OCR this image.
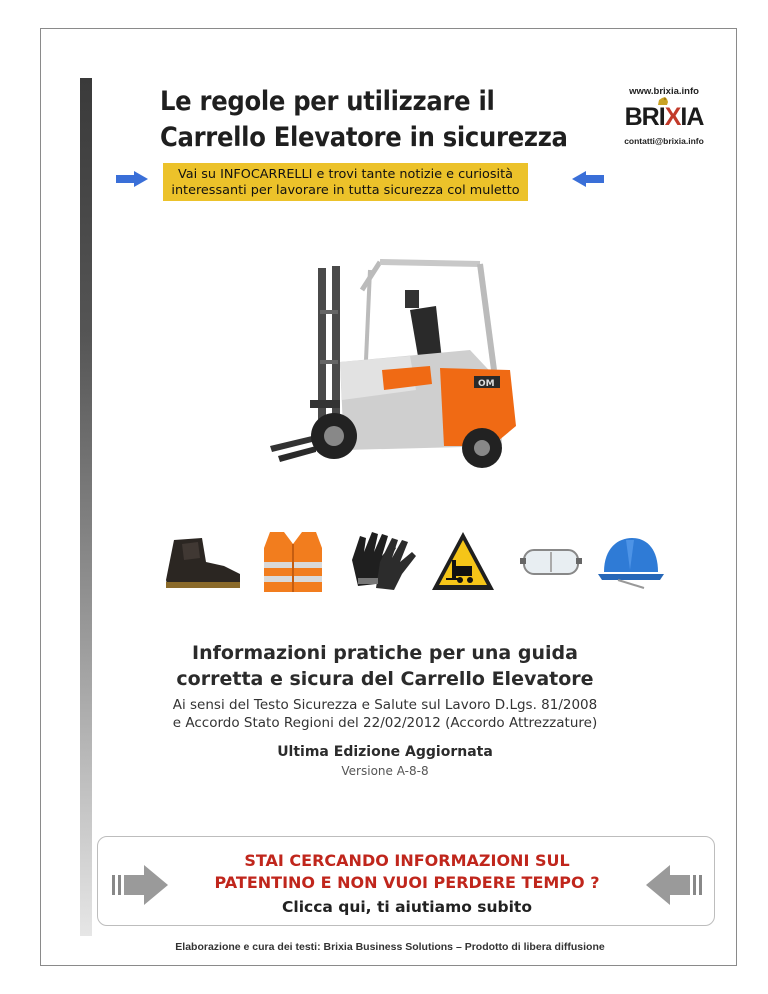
Le regole per utilizzare il
Carrello Elevatore in sicurezza
www.brixia.info
BRIXIA
contatti@brixia.info
Vai su INFOCARRELLI e trovi tante notizie e curiosità
interessanti per lavorare in tutta sicurezza col muletto
OM
Informazioni pratiche per una guida
corretta e sicura del Carrello Elevatore
Ai sensi del Testo Sicurezza e Salute sul Lavoro D.Lgs. 81/2008
e Accordo Stato Regioni del 22/02/2012 (Accordo Attrezzature)
Ultima Edizione Aggiornata
Versione A-8-8
STAI CERCANDO INFORMAZIONI SUL
PATENTINO E NON VUOI PERDERE TEMPO ?
Clicca qui, ti aiutiamo subito
Elaborazione e cura dei testi: Brixia Business Solutions – Prodotto di libera diffusione
